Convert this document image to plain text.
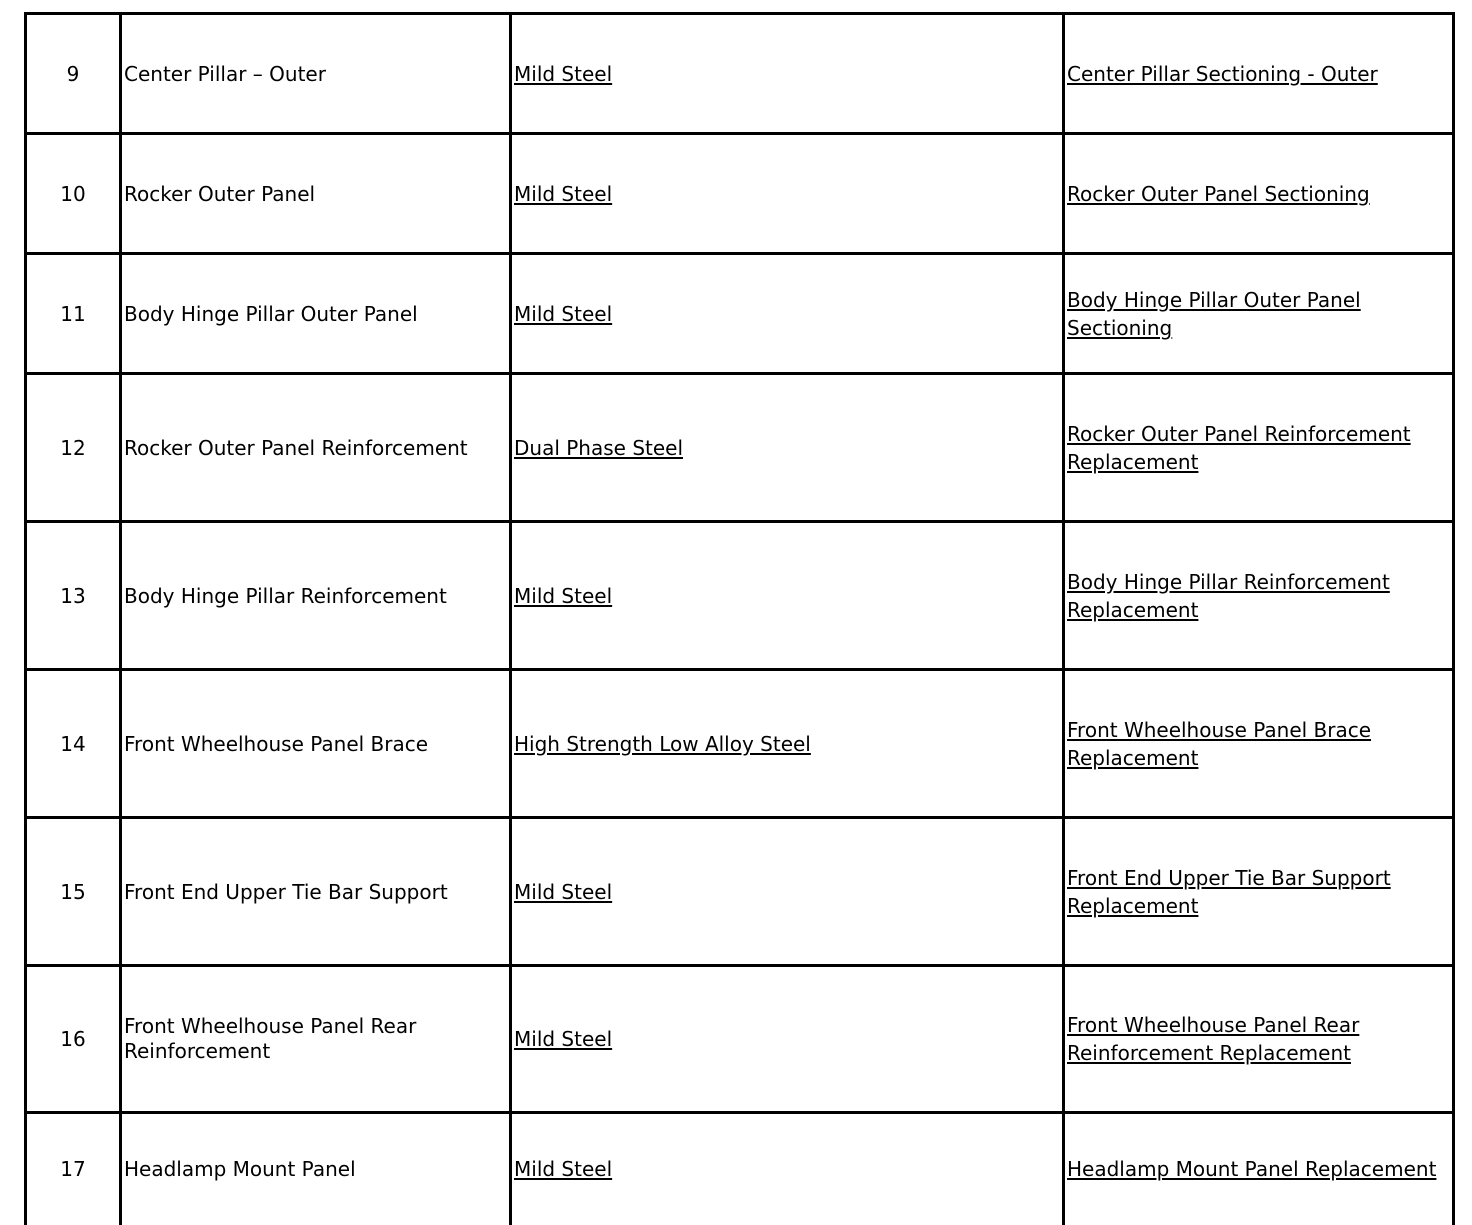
9	Center Pillar – Outer	Mild Steel	Center Pillar Sectioning - Outer
10	Rocker Outer Panel	Mild Steel	Rocker Outer Panel Sectioning
11	Body Hinge Pillar Outer Panel	Mild Steel	Body Hinge Pillar Outer Panel Sectioning
12	Rocker Outer Panel Reinforcement	Dual Phase Steel	Rocker Outer Panel Reinforcement Replacement
13	Body Hinge Pillar Reinforcement	Mild Steel	Body Hinge Pillar Reinforcement Replacement
14	Front Wheelhouse Panel Brace	High Strength Low Alloy Steel	Front Wheelhouse Panel Brace Replacement
15	Front End Upper Tie Bar Support	Mild Steel	Front End Upper Tie Bar Support Replacement
16	Front Wheelhouse Panel Rear Reinforcement	Mild Steel	Front Wheelhouse Panel Rear Reinforcement Replacement
17	Headlamp Mount Panel	Mild Steel	Headlamp Mount Panel Replacement
